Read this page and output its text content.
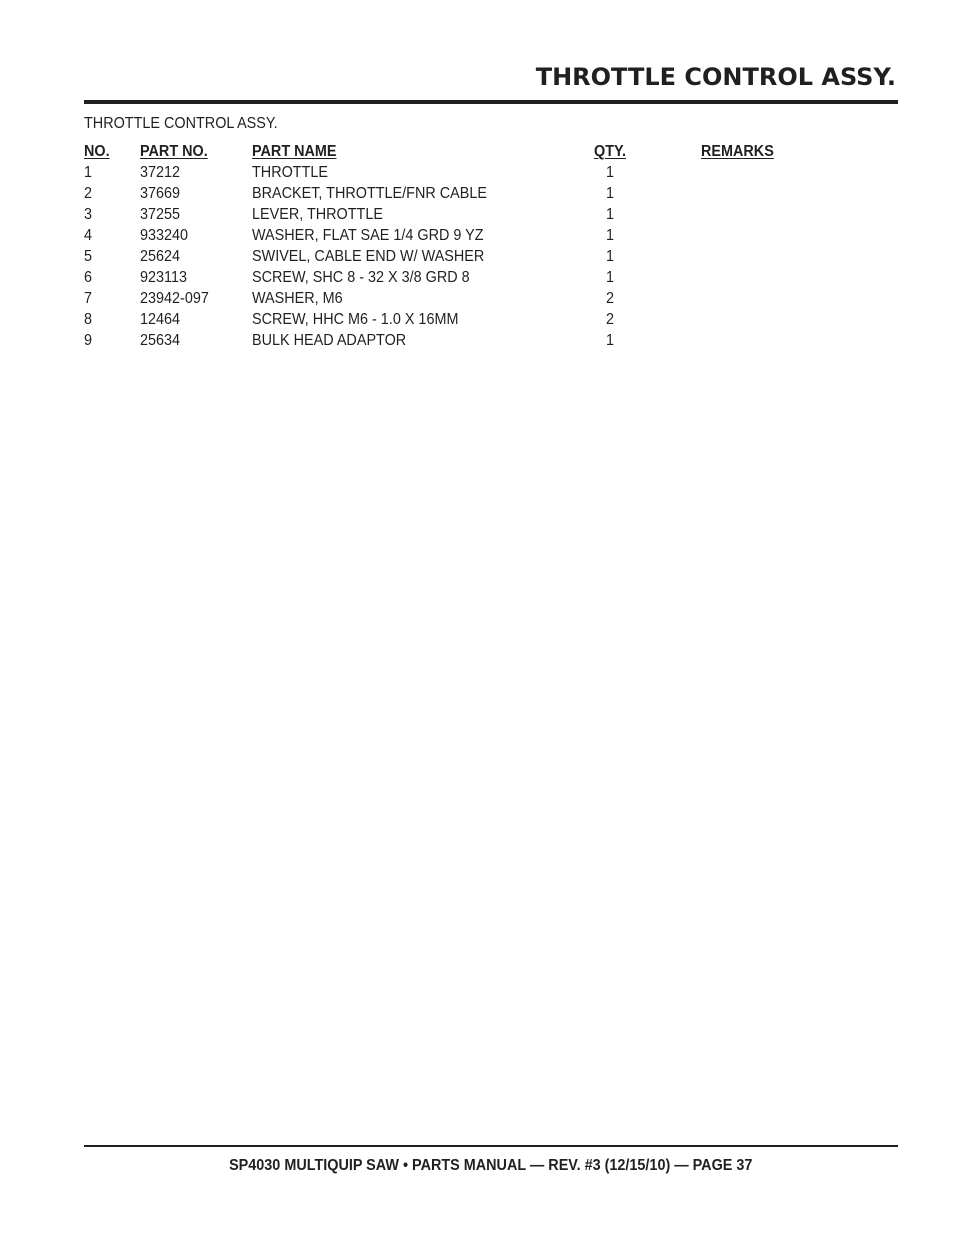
THROTTLE CONTROL ASSY.
THROTTLE CONTROL ASSY.
NO. PART NO.	PART NAME	QTY.	REMARKS
1	37212	THROTTLE	1
2	37669	BRACKET, THROTTLE/FNR CABLE	1
3	37255	LEVER, THROTTLE	1
4	933240	WASHER, FLAT SAE 1/4 GRD 9 YZ	1
5	25624	SWIVEL, CABLE END W/ WASHER	1
6	923113	SCREW, SHC 8 - 32 X 3/8 GRD 8	1
7	23942-097	WASHER, M6	2
8	12464	SCREW, HHC M6 - 1.0 X 16MM	2
9	25634	BULK HEAD ADAPTOR	1
SP4030 MULTIQUIP SAW • PARTS MANUAL — REV. #3 (12/15/10) — PAGE 37
